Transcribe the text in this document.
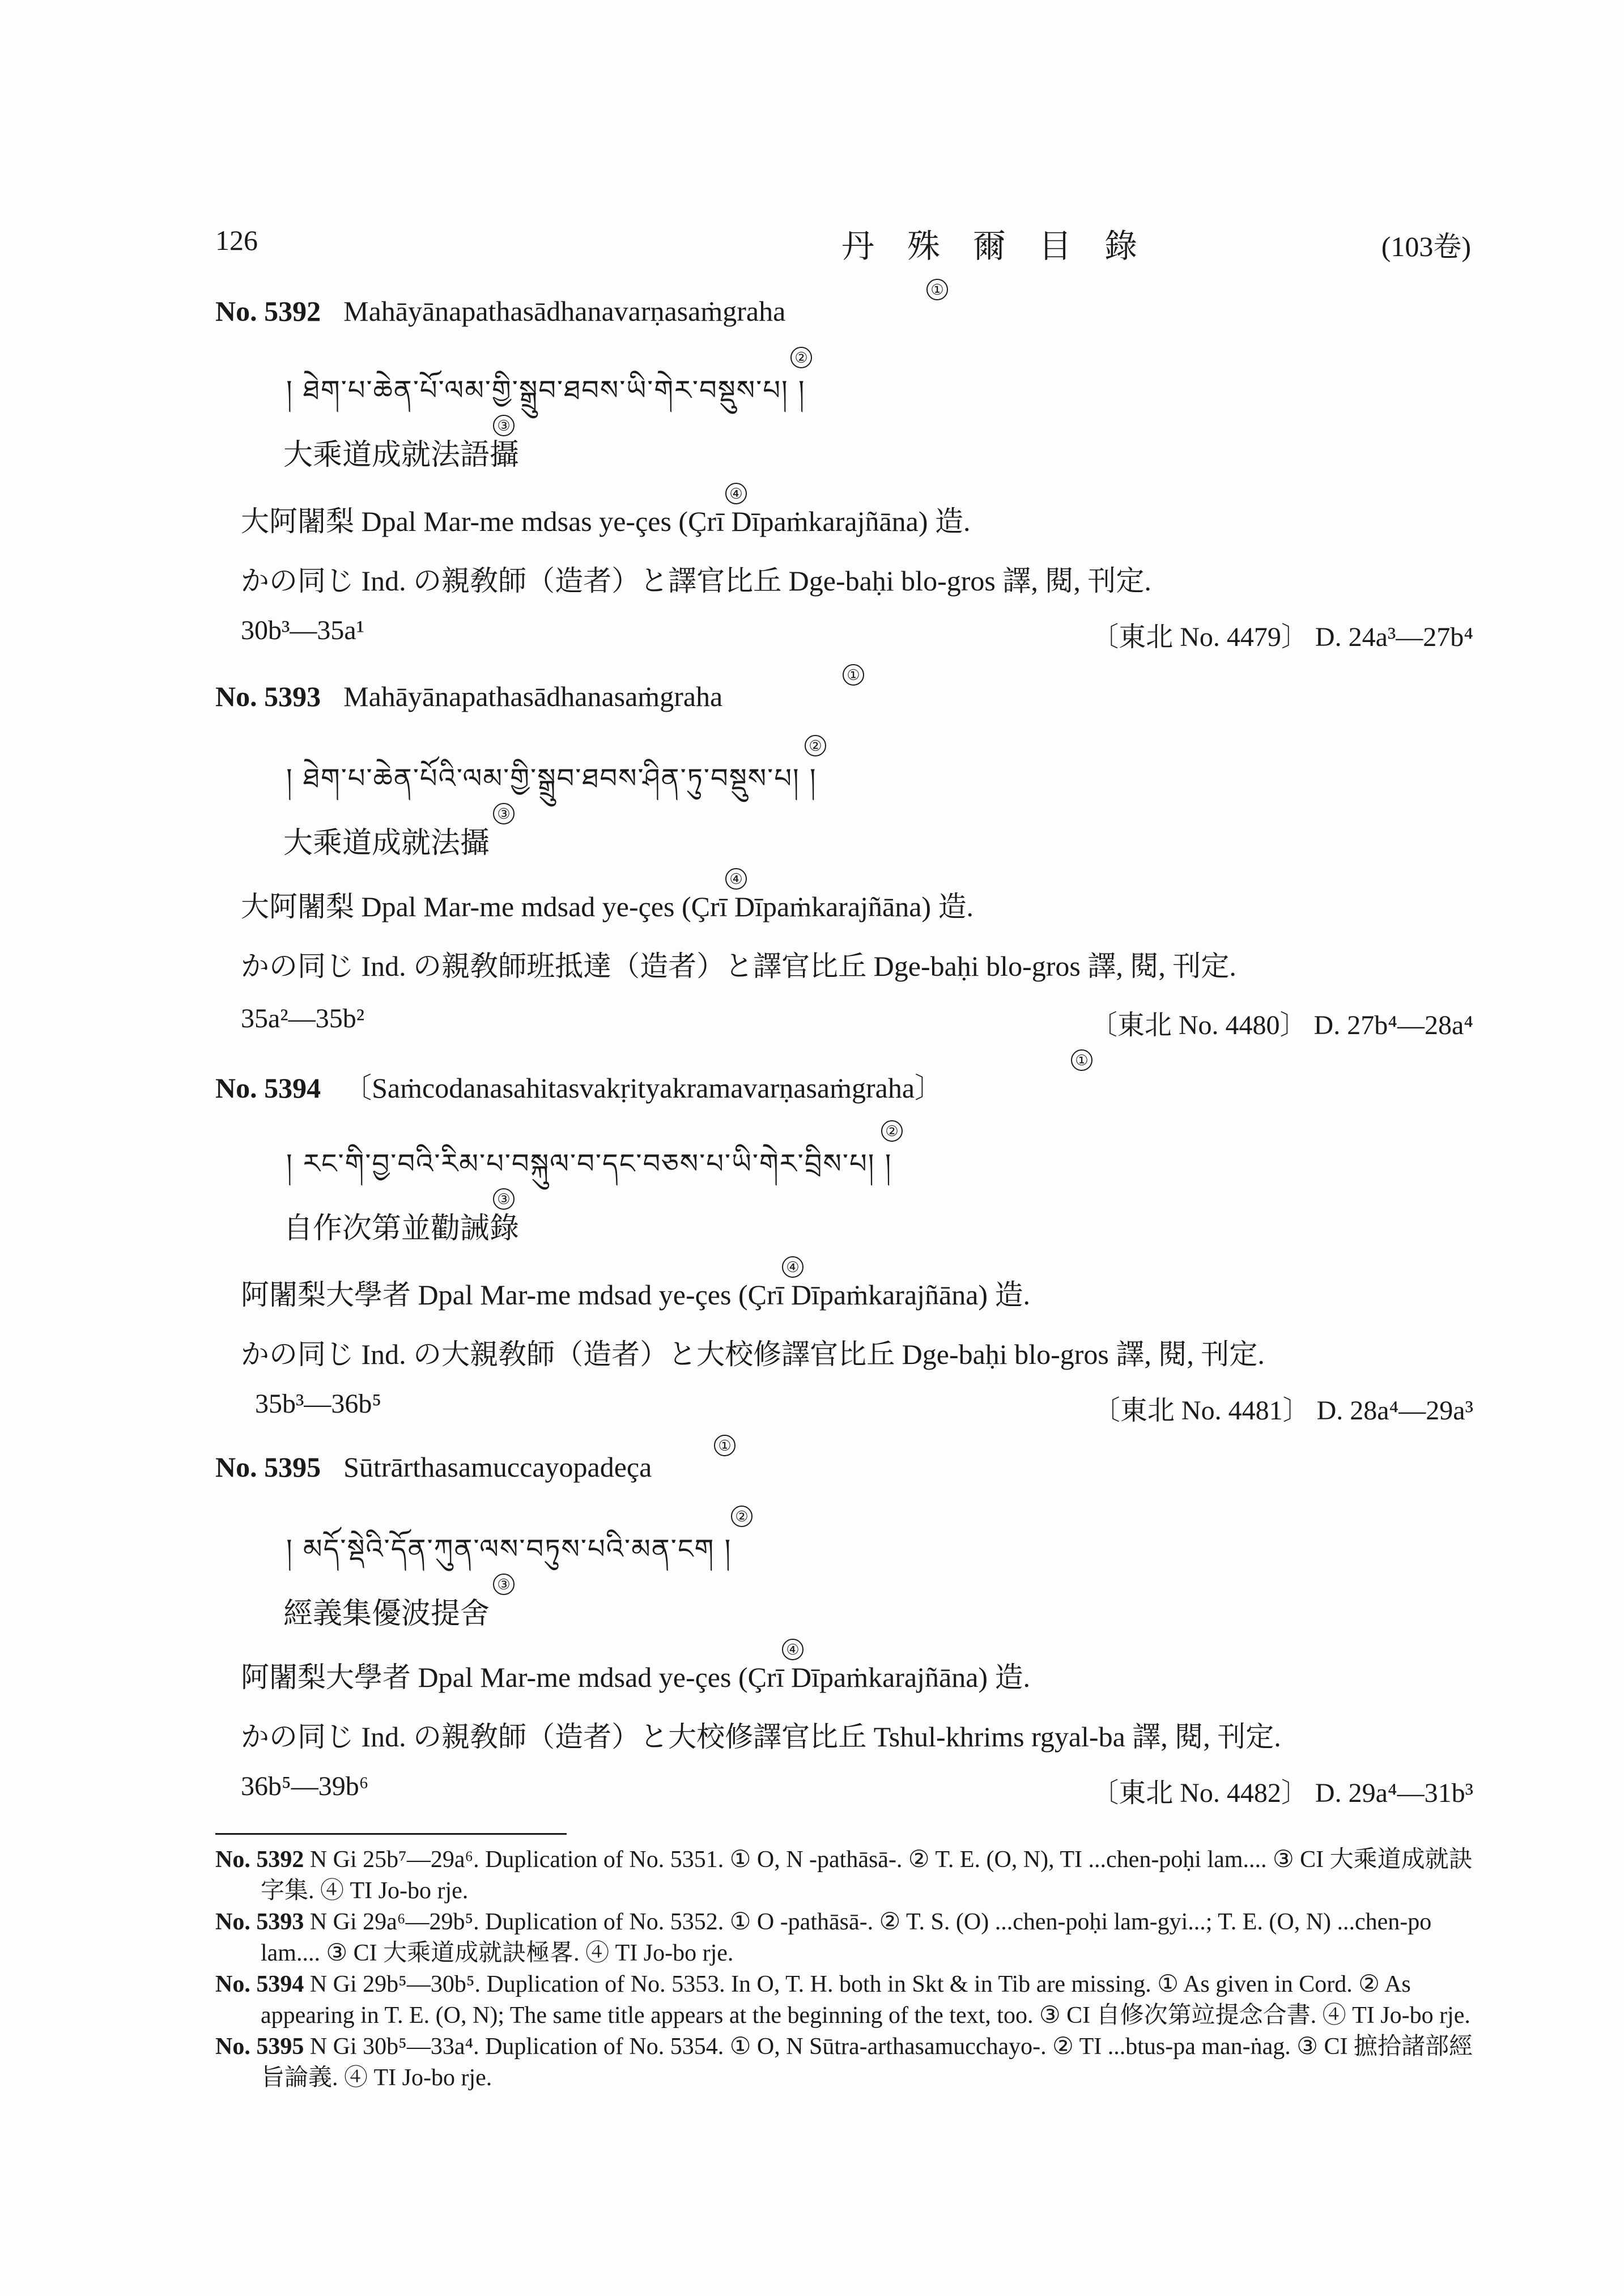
126	丹　殊　爾　目　錄	(103卷)
No. 5392 Mahāyānapathasādhanavarṇasaṁgraha
①
། ཐེག་པ་ཆེན་པོ་ལམ་གྱི་སྒྲུབ་ཐབས་ཡི་གེར་བསྡུས་པ། །
②
大乘道成就法語攝
③
大阿闍梨 Dpal Mar-me mdsas ye-çes (Çrī Dīpaṁkarajñāna) 造.
④
かの同じ Ind. の親敎師（造者）と譯官比丘 Dge-baḥi blo-gros 譯, 閱, 刊定.
30b³—35a¹	〔東北 No. 4479〕 D. 24a³—27b⁴
No. 5393 Mahāyānapathasādhanasaṁgraha
①
། ཐེག་པ་ཆེན་པོའི་ལམ་གྱི་སྒྲུབ་ཐབས་ཤིན་ཏུ་བསྡུས་པ། །
②
大乘道成就法攝
③
大阿闍梨 Dpal Mar-me mdsad ye-çes (Çrī Dīpaṁkarajñāna) 造.
④
かの同じ Ind. の親敎師班抵達（造者）と譯官比丘 Dge-baḥi blo-gros 譯, 閱, 刊定.
35a²—35b²	〔東北 No. 4480〕 D. 27b⁴—28a⁴
No. 5394 〔Saṁcodanasahitasvakṛityakramavarṇasaṁgraha〕
①
། རང་གི་བྱ་བའི་རིམ་པ་བསྐུལ་བ་དང་བཅས་པ་ཡི་གེར་བྲིས་པ། །
②
自作次第並勸誡錄
③
阿闍梨大學者 Dpal Mar-me mdsad ye-çes (Çrī Dīpaṁkarajñāna) 造.
④
かの同じ Ind. の大親敎師（造者）と大校修譯官比丘 Dge-baḥi blo-gros 譯, 閱, 刊定.
35b³—36b⁵	〔東北 No. 4481〕 D. 28a⁴—29a³
No. 5395 Sūtrārthasamuccayopadeça
①
། མདོ་སྡེའི་དོན་ཀུན་ལས་བཏུས་པའི་མན་ངག །
②
經義集優波提舍
③
阿闍梨大學者 Dpal Mar-me mdsad ye-çes (Çrī Dīpaṁkarajñāna) 造.
④
かの同じ Ind. の親敎師（造者）と大校修譯官比丘 Tshul-khrims rgyal-ba 譯, 閱, 刊定.
36b⁵—39b⁶	〔東北 No. 4482〕 D. 29a⁴—31b³

No. 5392 N Gi 25b⁷—29a⁶. Duplication of No. 5351. ① O, N -pathāsā-. ② T. E. (O, N), TI ...chen-poḥi lam.... ③ CI 大乘道成就訣字集. ④ TI Jo-bo rje.

No. 5393 N Gi 29a⁶—29b⁵. Duplication of No. 5352. ① O -pathāsā-. ② T. S. (O) ...chen-poḥi lam-gyi...; T. E. (O, N) ...chen-po lam.... ③ CI 大乘道成就訣極畧. ④ TI Jo-bo rje.

No. 5394 N Gi 29b⁵—30b⁵. Duplication of No. 5353. In O, T. H. both in Skt & in Tib are missing. ① As given in Cord. ② As appearing in T. E. (O, N); The same title appears at the beginning of the text, too. ③ CI 自修次第竝提念合書. ④ TI Jo-bo rje.

No. 5395 N Gi 30b⁵—33a⁴. Duplication of No. 5354. ① O, N Sūtra-arthasamucchayo-. ② TI ...btus-pa man-ṅag. ③ CI 摭拾諸部經旨論義. ④ TI Jo-bo rje.
